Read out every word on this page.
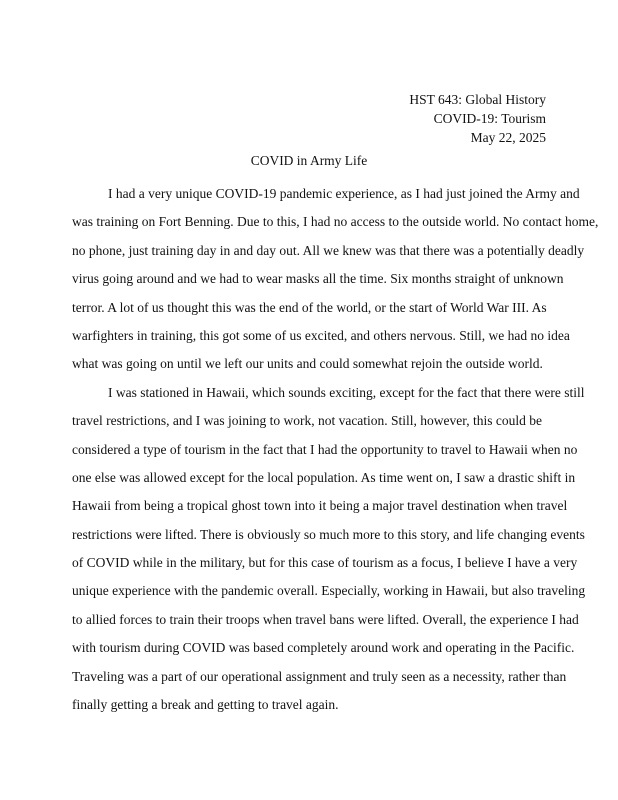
HST 643: Global History
COVID-19: Tourism
May 22, 2025
COVID in Army Life
I had a very unique COVID-19 pandemic experience, as I had just joined the Army and
was training on Fort Benning. Due to this, I had no access to the outside world. No contact home,
no phone, just training day in and day out. All we knew was that there was a potentially deadly
virus going around and we had to wear masks all the time. Six months straight of unknown
terror. A lot of us thought this was the end of the world, or the start of World War III. As
warfighters in training, this got some of us excited, and others nervous. Still, we had no idea
what was going on until we left our units and could somewhat rejoin the outside world.
I was stationed in Hawaii, which sounds exciting, except for the fact that there were still
travel restrictions, and I was joining to work, not vacation. Still, however, this could be
considered a type of tourism in the fact that I had the opportunity to travel to Hawaii when no
one else was allowed except for the local population. As time went on, I saw a drastic shift in
Hawaii from being a tropical ghost town into it being a major travel destination when travel
restrictions were lifted. There is obviously so much more to this story, and life changing events
of COVID while in the military, but for this case of tourism as a focus, I believe I have a very
unique experience with the pandemic overall. Especially, working in Hawaii, but also traveling
to allied forces to train their troops when travel bans were lifted. Overall, the experience I had
with tourism during COVID was based completely around work and operating in the Pacific.
Traveling was a part of our operational assignment and truly seen as a necessity, rather than
finally getting a break and getting to travel again.
